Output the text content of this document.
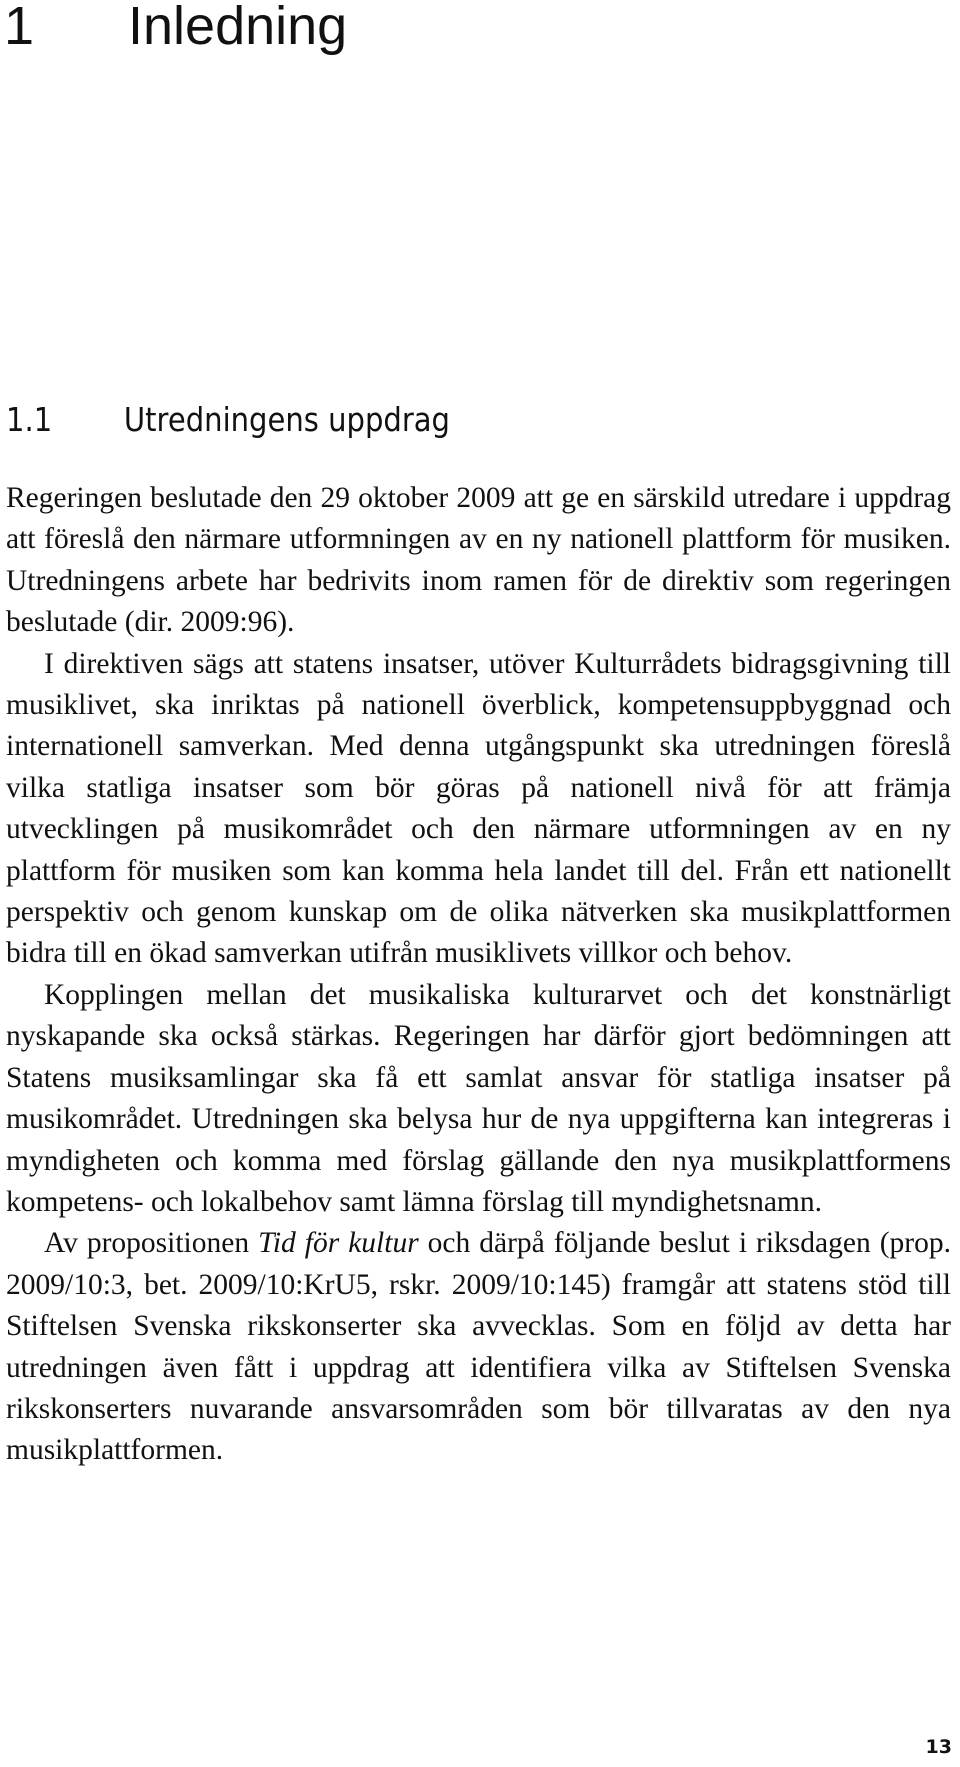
1 Inledning
1.1 Utredningens uppdrag

Regeringen beslutade den 29 oktober 2009 att ge en särskild utredare i uppdrag att föreslå den närmare utformningen av en ny nationell plattform för musiken. Utredningens arbete har bedrivits inom ramen för de direktiv som regeringen beslutade (dir. 2009:96).

I direktiven sägs att statens insatser, utöver Kulturrådets bidragsgivning till musiklivet, ska inriktas på nationell överblick, kompetensuppbyggnad och internationell samverkan. Med denna utgångspunkt ska utredningen föreslå vilka statliga insatser som bör göras på nationell nivå för att främja utvecklingen på musikområdet och den närmare utformningen av en ny plattform för musiken som kan komma hela landet till del. Från ett nationellt perspektiv och genom kunskap om de olika nätverken ska musikplattformen bidra till en ökad samverkan utifrån musiklivets villkor och behov.

Kopplingen mellan det musikaliska kulturarvet och det konstnärligt nyskapande ska också stärkas. Regeringen har därför gjort bedömningen att Statens musiksamlingar ska få ett samlat ansvar för statliga insatser på musikområdet. Utredningen ska belysa hur de nya uppgifterna kan integreras i myndigheten och komma med förslag gällande den nya musikplattformens kompetens- och lokalbehov samt lämna förslag till myndighetsnamn.

Av propositionen Tid för kultur och därpå följande beslut i riksdagen (prop. 2009/10:3, bet. 2009/10:KrU5, rskr. 2009/10:145) framgår att statens stöd till Stiftelsen Svenska rikskonserter ska avvecklas. Som en följd av detta har utredningen även fått i uppdrag att identifiera vilka av Stiftelsen Svenska rikskonserters nuvarande ansvarsområden som bör tillvaratas av den nya musikplattformen.

13
